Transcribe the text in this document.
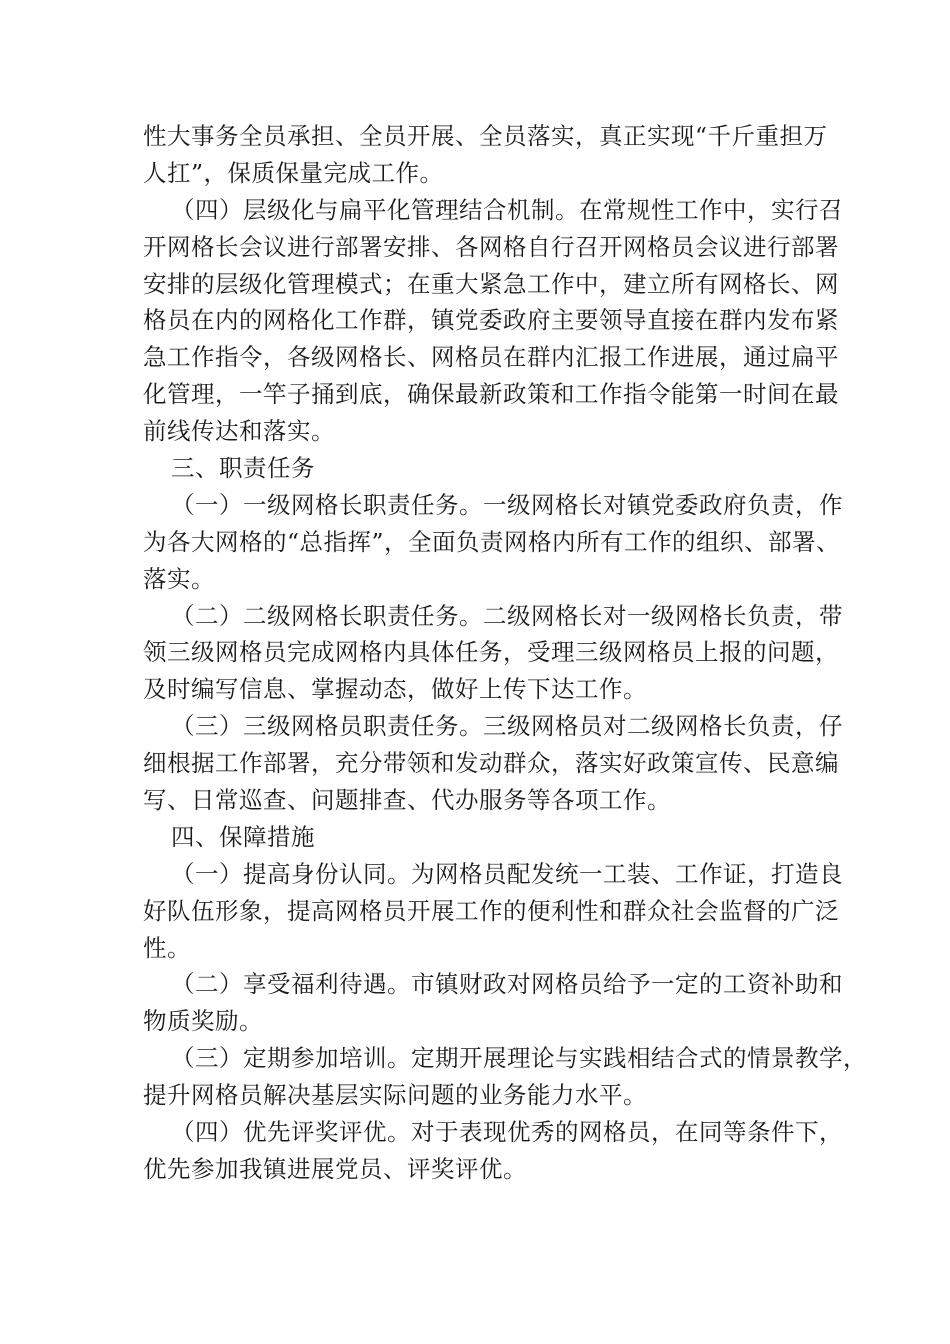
性大事务全员承担、全员开展、全员落实，真正实现“千斤重担万
人扛”，保质保量完成工作。
（四）层级化与扁平化管理结合机制。在常规性工作中，实行召
开网格长会议进行部署安排、各网格自行召开网格员会议进行部署
安排的层级化管理模式；在重大紧急工作中，建立所有网格长、网
格员在内的网格化工作群，镇党委政府主要领导直接在群内发布紧
急工作指令，各级网格长、网格员在群内汇报工作进展，通过扁平
化管理，一竿子捅到底，确保最新政策和工作指令能第一时间在最
前线传达和落实。
三、职责任务
（一）一级网格长职责任务。一级网格长对镇党委政府负责，作
为各大网格的“总指挥”，全面负责网格内所有工作的组织、部署、
落实。
（二）二级网格长职责任务。二级网格长对一级网格长负责，带
领三级网格员完成网格内具体任务，受理三级网格员上报的问题，
及时编写信息、掌握动态，做好上传下达工作。
（三）三级网格员职责任务。三级网格员对二级网格长负责，仔
细根据工作部署，充分带领和发动群众，落实好政策宣传、民意编
写、日常巡查、问题排查、代办服务等各项工作。
四、保障措施
（一）提高身份认同。为网格员配发统一工装、工作证，打造良
好队伍形象，提高网格员开展工作的便利性和群众社会监督的广泛
性。
（二）享受福利待遇。市镇财政对网格员给予一定的工资补助和
物质奖励。
（三）定期参加培训。定期开展理论与实践相结合式的情景教学，
提升网格员解决基层实际问题的业务能力水平。
（四）优先评奖评优。对于表现优秀的网格员，在同等条件下，
优先参加我镇进展党员、评奖评优。
